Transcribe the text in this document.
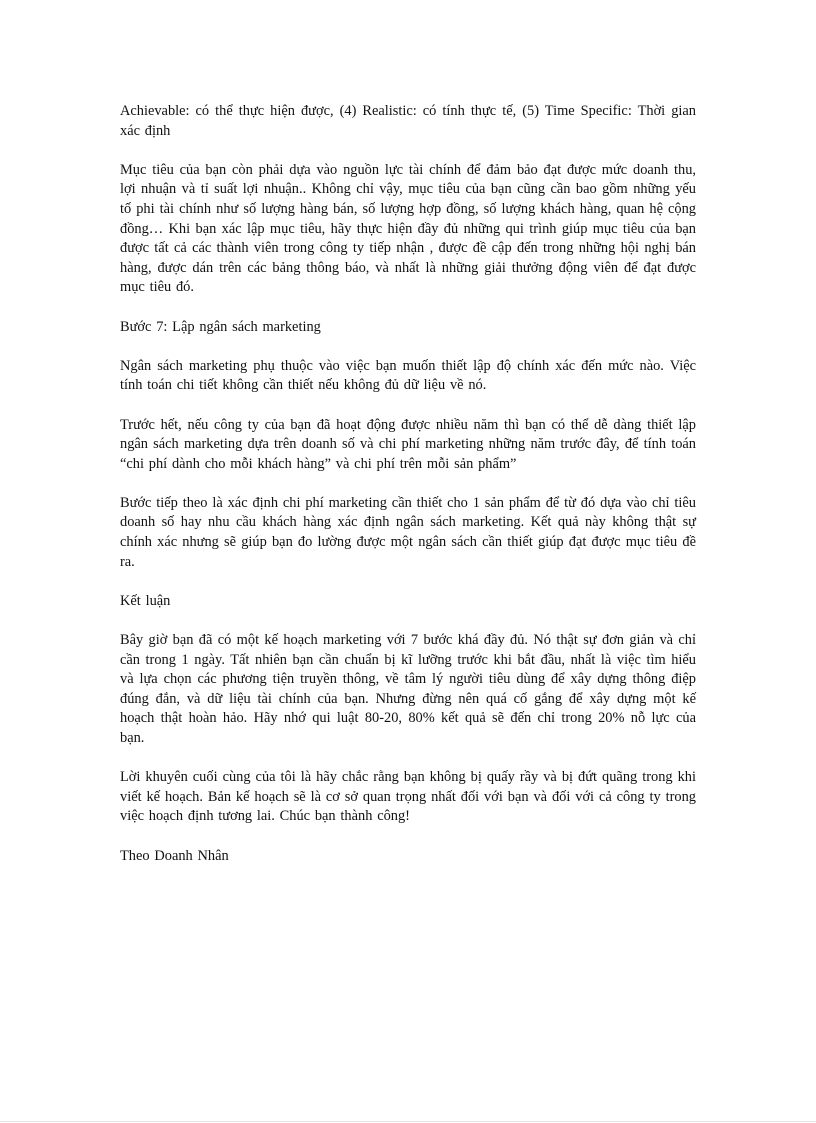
Achievable: có thể thực hiện được, (4) Realistic: có tính thực tế, (5) Time Specific: Thời gian xác định

Mục tiêu của bạn còn phải dựa vào nguồn lực tài chính để đảm bảo đạt được mức doanh thu, lợi nhuận và tỉ suất lợi nhuận.. Không chỉ vậy, mục tiêu của bạn cũng cần bao gồm những yếu tố phi tài chính như số lượng hàng bán, số lượng hợp đồng, số lượng khách hàng, quan hệ cộng đồng… Khi bạn xác lập mục tiêu, hãy thực hiện đầy đủ những qui trình giúp mục tiêu của bạn được tất cả các thành viên trong công ty tiếp nhận , được đề cập đến trong những hội nghị bán hàng, được dán trên các bảng thông báo, và nhất là những giải thưởng động viên để đạt được mục tiêu đó.

Bước 7: Lập ngân sách marketing

Ngân sách marketing phụ thuộc vào việc bạn muốn thiết lập độ chính xác đến mức nào. Việc tính toán chi tiết không cần thiết nếu không đủ dữ liệu về nó.

Trước hết, nếu công ty của bạn đã hoạt động được nhiều năm thì bạn có thể dễ dàng thiết lập ngân sách marketing dựa trên doanh số và chi phí marketing những năm trước đây, để tính toán “chi phí dành cho mỗi khách hàng” và chi phí trên mỗi sản phẩm”

Bước tiếp theo là xác định chi phí marketing cần thiết cho 1 sản phẩm để từ đó dựa vào chỉ tiêu doanh số hay nhu cầu khách hàng xác định ngân sách marketing. Kết quả này không thật sự chính xác nhưng sẽ giúp bạn đo lường được một ngân sách cần thiết giúp đạt được mục tiêu đề ra.

Kết luận

Bây giờ bạn đã có một kế hoạch marketing với 7 bước khá đầy đủ. Nó thật sự đơn giản và chỉ cần trong 1 ngày. Tất nhiên bạn cần chuẩn bị kĩ lưỡng trước khi bắt đầu, nhất là việc tìm hiểu và lựa chọn các phương tiện truyền thông, về tâm lý người tiêu dùng để xây dựng thông điệp đúng đắn, và dữ liệu tài chính của bạn. Nhưng đừng nên quá cố gắng để xây dựng một kế hoạch thật hoàn hảo. Hãy nhớ qui luật 80-20, 80% kết quả sẽ đến chỉ trong 20% nỗ lực của bạn.

Lời khuyên cuối cùng của tôi là hãy chắc rằng bạn không bị quấy rầy và bị đứt quãng trong khi viết kế hoạch. Bản kế hoạch sẽ là cơ sở quan trọng nhất đối với bạn và đối với cả công ty trong việc hoạch định tương lai. Chúc bạn thành công!

Theo Doanh Nhân
